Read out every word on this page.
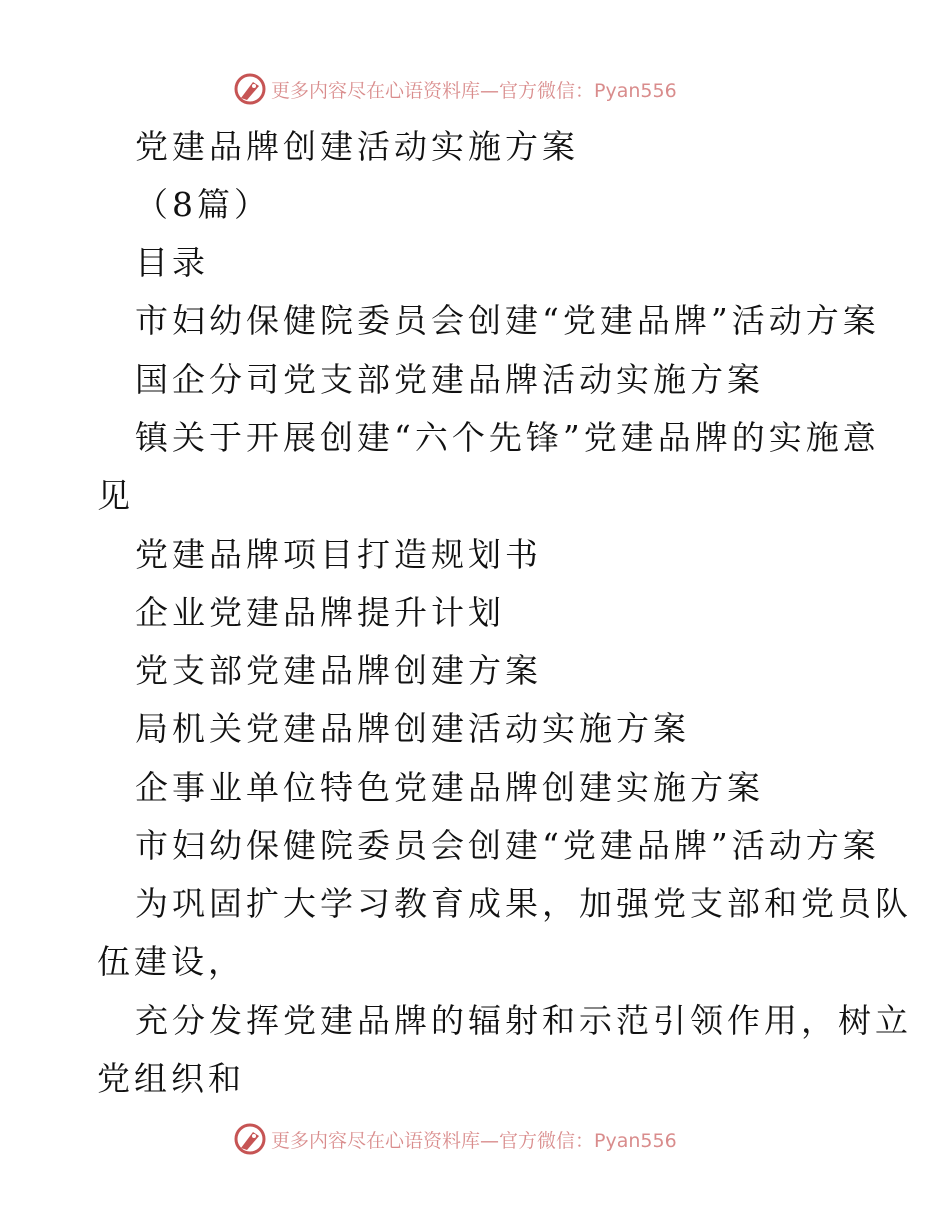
更多内容尽在心语资料库—官方微信：Pyan556
党建品牌创建活动实施方案
（8篇）
目录
市妇幼保健院委员会创建“党建品牌”活动方案
国企分司党支部党建品牌活动实施方案
镇关于开展创建“六个先锋”党建品牌的实施意
见
党建品牌项目打造规划书
企业党建品牌提升计划
党支部党建品牌创建方案
局机关党建品牌创建活动实施方案
企事业单位特色党建品牌创建实施方案
市妇幼保健院委员会创建“党建品牌”活动方案
为巩固扩大学习教育成果，加强党支部和党员队
伍建设，
充分发挥党建品牌的辐射和示范引领作用，树立
党组织和
更多内容尽在心语资料库—官方微信：Pyan556
